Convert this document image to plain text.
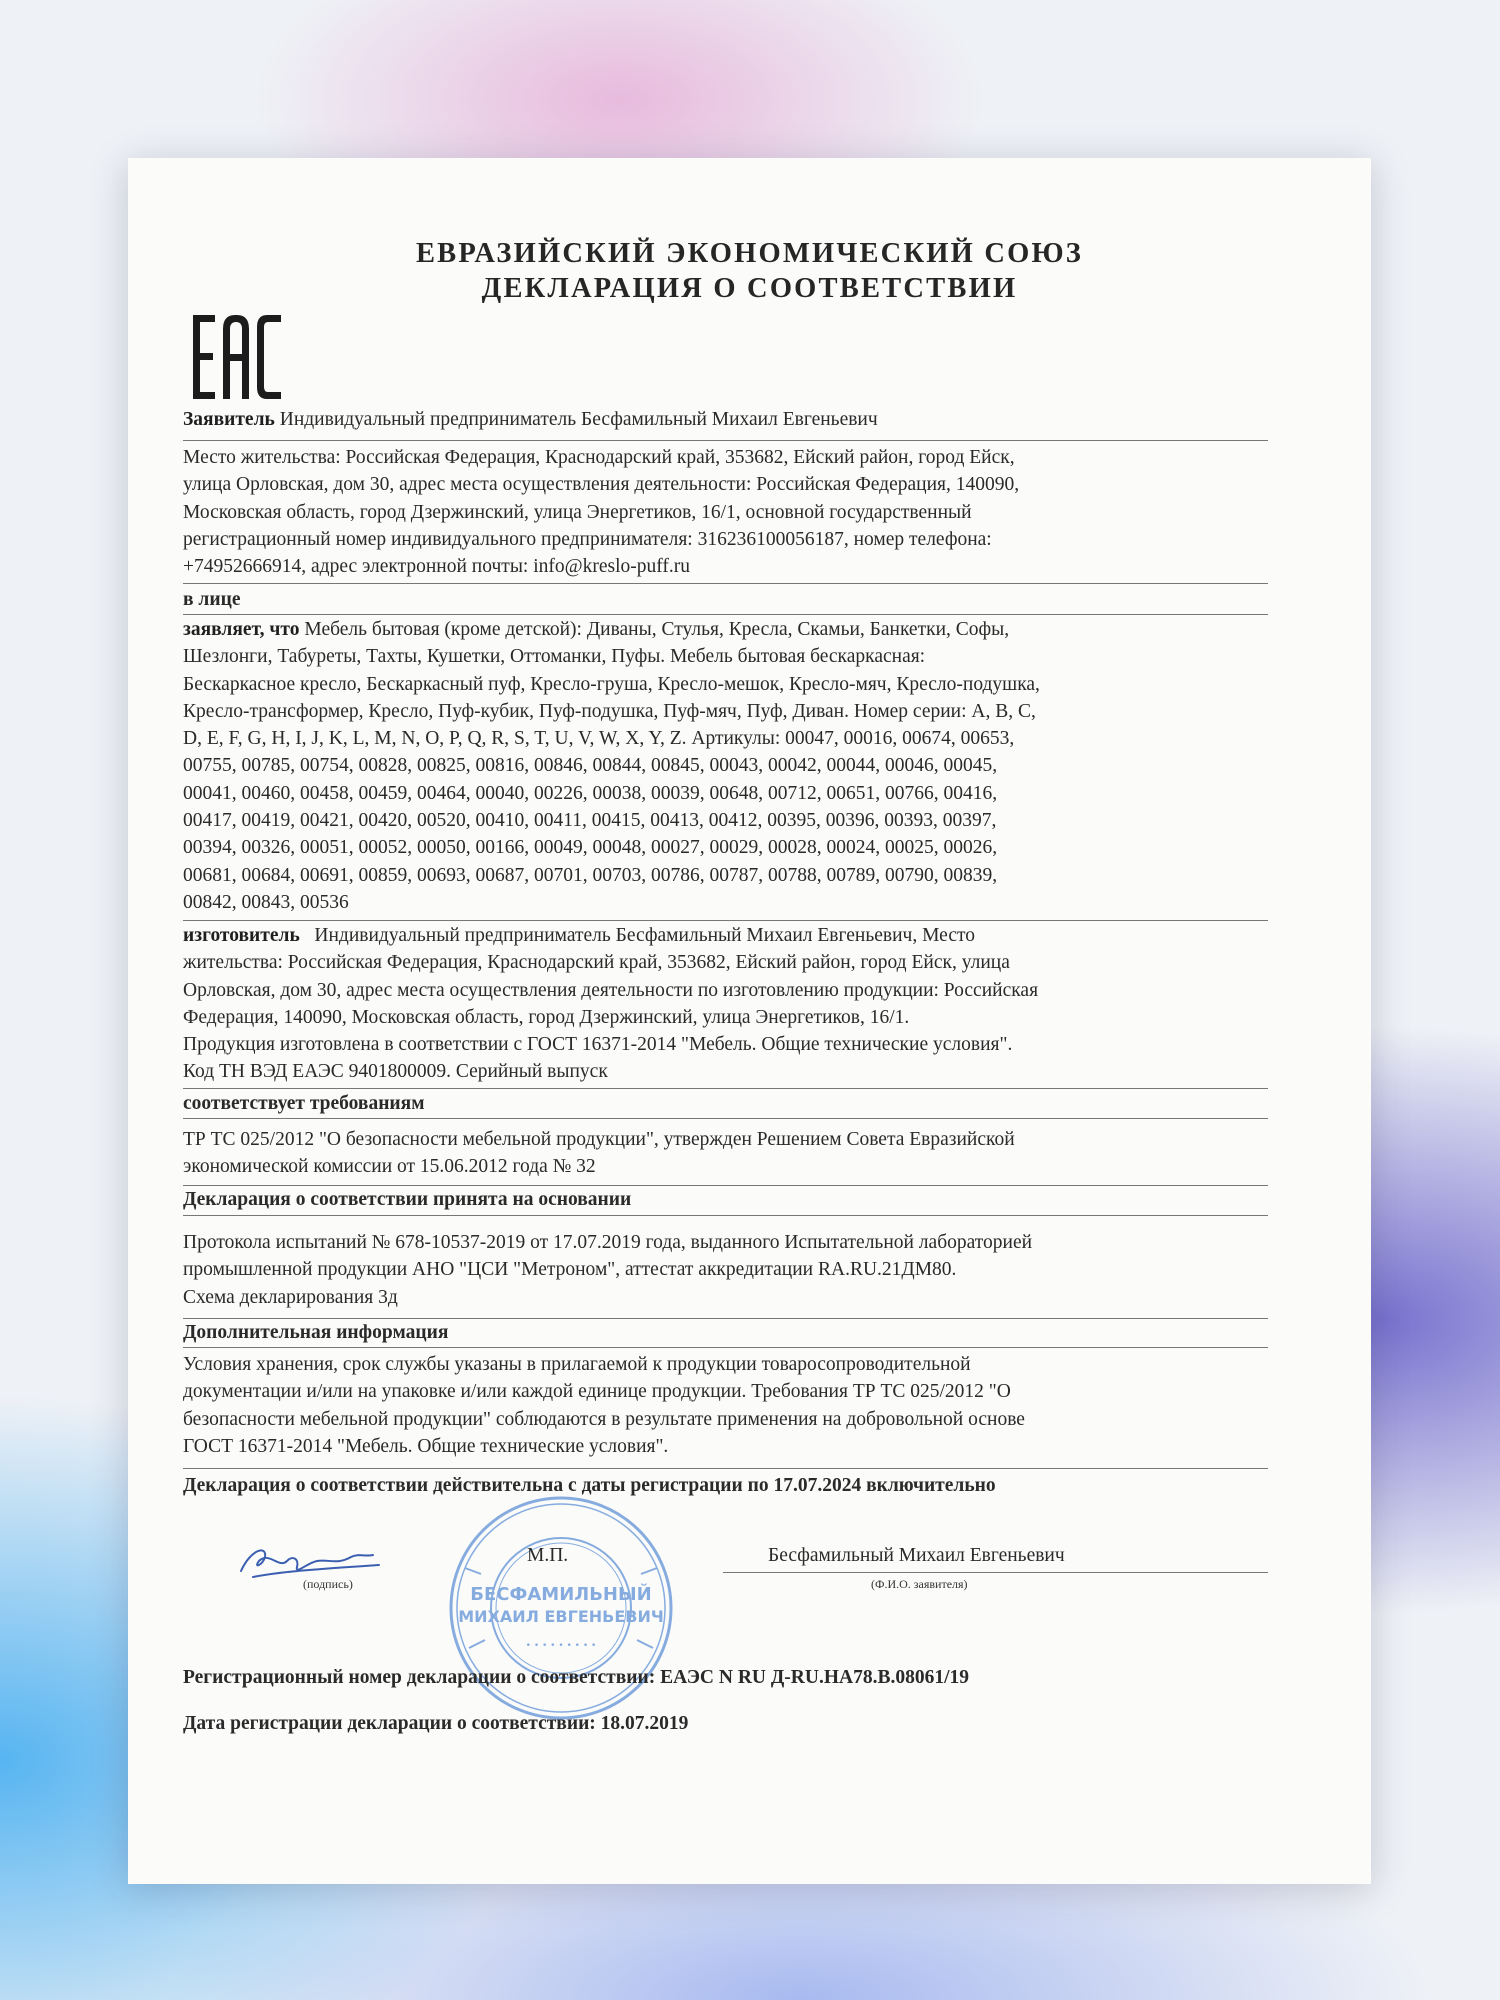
ЕВРАЗИЙСКИЙ ЭКОНОМИЧЕСКИЙ СОЮЗ
ДЕКЛАРАЦИЯ О СООТВЕТСТВИИ
Заявитель Индивидуальный предприниматель Бесфамильный Михаил Евгеньевич
Место жительства: Российская Федерация, Краснодарский край, 353682, Ейский район, город Ейск,
улица Орловская, дом 30, адрес места осуществления деятельности: Российская Федерация, 140090,
Московская область, город Дзержинский, улица Энергетиков, 16/1, основной государственный
регистрационный номер индивидуального предпринимателя: 316236100056187, номер телефона:
+74952666914, адрес электронной почты: info@kreslo-puff.ru
в лице
заявляет, что Мебель бытовая (кроме детской): Диваны, Стулья, Кресла, Скамьи, Банкетки, Софы,
Шезлонги, Табуреты, Тахты, Кушетки, Оттоманки, Пуфы. Мебель бытовая бескаркасная:
Бескаркасное кресло, Бескаркасный пуф, Кресло-груша, Кресло-мешок, Кресло-мяч, Кресло-подушка,
Кресло-трансформер, Кресло, Пуф-кубик, Пуф-подушка, Пуф-мяч, Пуф, Диван. Номер серии: A, B, C,
D, E, F, G, H, I, J, K, L, M, N, O, P, Q, R, S, T, U, V, W, X, Y, Z. Артикулы: 00047, 00016, 00674, 00653,
00755, 00785, 00754, 00828, 00825, 00816, 00846, 00844, 00845, 00043, 00042, 00044, 00046, 00045,
00041, 00460, 00458, 00459, 00464, 00040, 00226, 00038, 00039, 00648, 00712, 00651, 00766, 00416,
00417, 00419, 00421, 00420, 00520, 00410, 00411, 00415, 00413, 00412, 00395, 00396, 00393, 00397,
00394, 00326, 00051, 00052, 00050, 00166, 00049, 00048, 00027, 00029, 00028, 00024, 00025, 00026,
00681, 00684, 00691, 00859, 00693, 00687, 00701, 00703, 00786, 00787, 00788, 00789, 00790, 00839,
00842, 00843, 00536
изготовитель Индивидуальный предприниматель Бесфамильный Михаил Евгеньевич, Место
жительства: Российская Федерация, Краснодарский край, 353682, Ейский район, город Ейск, улица
Орловская, дом 30, адрес места осуществления деятельности по изготовлению продукции: Российская
Федерация, 140090, Московская область, город Дзержинский, улица Энергетиков, 16/1.
Продукция изготовлена в соответствии с ГОСТ 16371-2014 "Мебель. Общие технические условия".
Код ТН ВЭД ЕАЭС 9401800009. Серийный выпуск
соответствует требованиям
ТР ТС 025/2012 "О безопасности мебельной продукции", утвержден Решением Совета Евразийской
экономической комиссии от 15.06.2012 года № 32
Декларация о соответствии принята на основании
Протокола испытаний № 678-10537-2019 от 17.07.2019 года, выданного Испытательной лабораторией
промышленной продукции АНО "ЦСИ "Метроном", аттестат аккредитации RA.RU.21ДМ80.
Схема декларирования 3д
Дополнительная информация
Условия хранения, срок службы указаны в прилагаемой к продукции товаросопроводительной
документации и/или на упаковке и/или каждой единице продукции. Требования ТР ТС 025/2012 "О
безопасности мебельной продукции" соблюдаются в результате применения на добровольной основе
ГОСТ 16371-2014 "Мебель. Общие технические условия".
Декларация о соответствии действительна с даты регистрации по 17.07.2024 включительно
БЕСФАМИЛЬНЫЙ
МИХАИЛ ЕВГЕНЬЕВИЧ
• • • • • • • • •
(подпись)
М.П.	Бесфамильный Михаил Евгеньевич
(Ф.И.О. заявителя)
Регистрационный номер декларации о соответствии: ЕАЭС N RU Д-RU.НА78.В.08061/19
Дата регистрации декларации о соответствии: 18.07.2019
